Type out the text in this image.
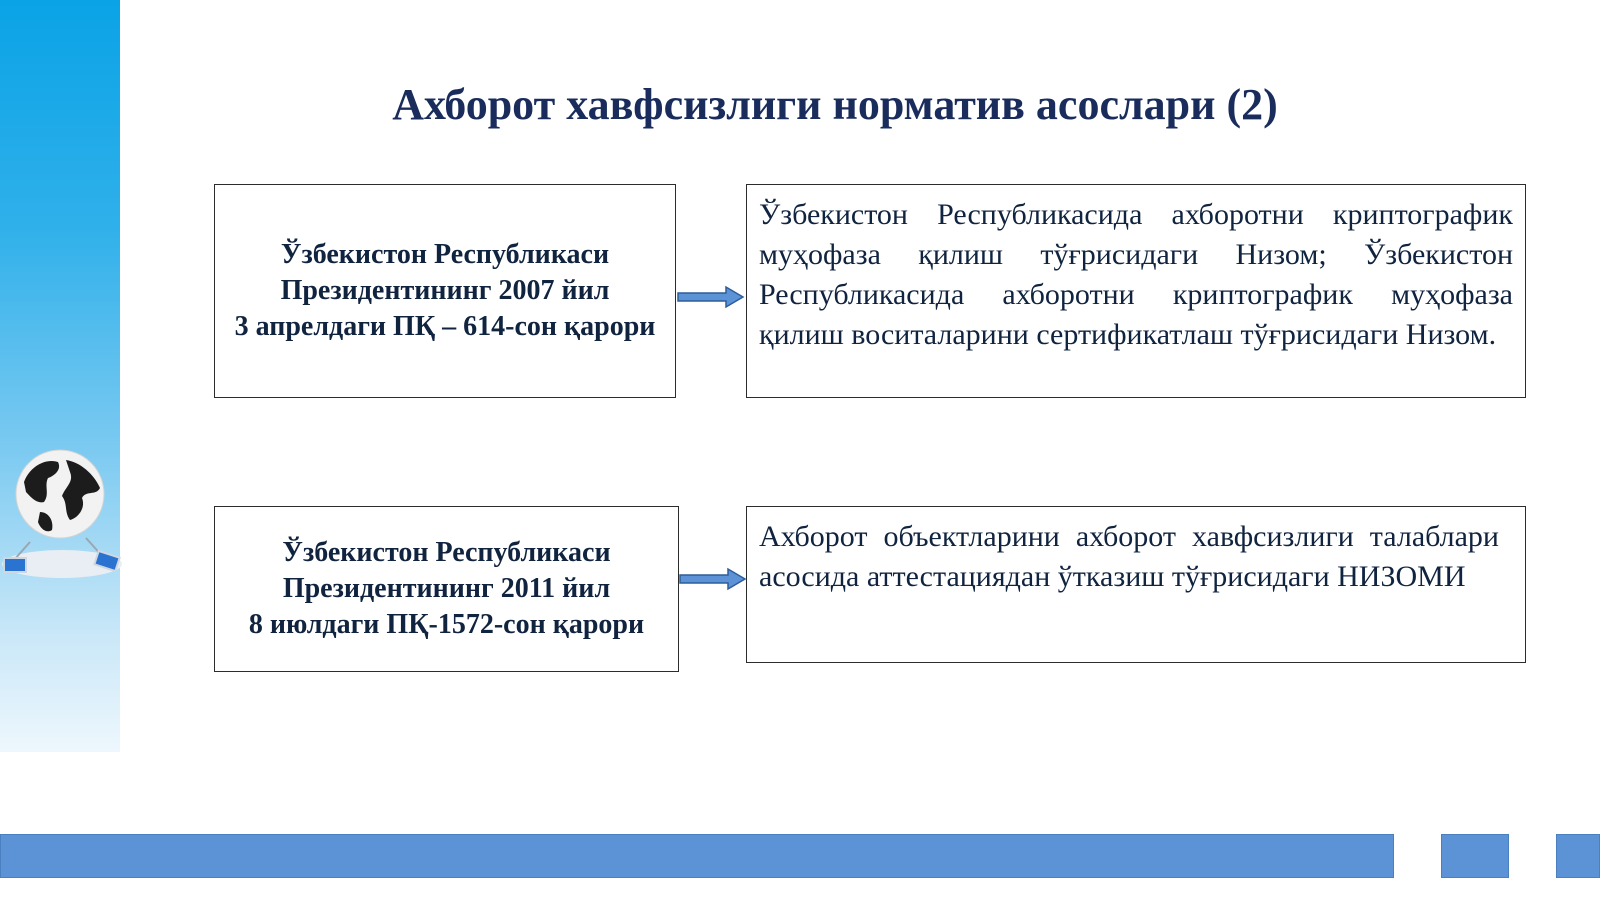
Ахборот хавфсизлиги норматив асослари (2)
Ўзбекистон Республикаси
Президентининг 2007 йил
3 апрелдаги ПҚ – 614-сон қарори
Ўзбекистон Республикасида ахборотни криптографик муҳофаза қилиш тўғрисидаги Низом; Ўзбекистон Республикасида ахборотни криптографик муҳофаза қилиш воситаларини сертификатлаш тўғрисидаги Низом.
Ўзбекистон Республикаси
Президентининг 2011 йил
8 июлдаги ПҚ-1572-сон қарори
Ахборот объектларини ахборот хавфсизлиги талаблари асосида аттестациядан ўтказиш тўғрисидаги НИЗОМИ
